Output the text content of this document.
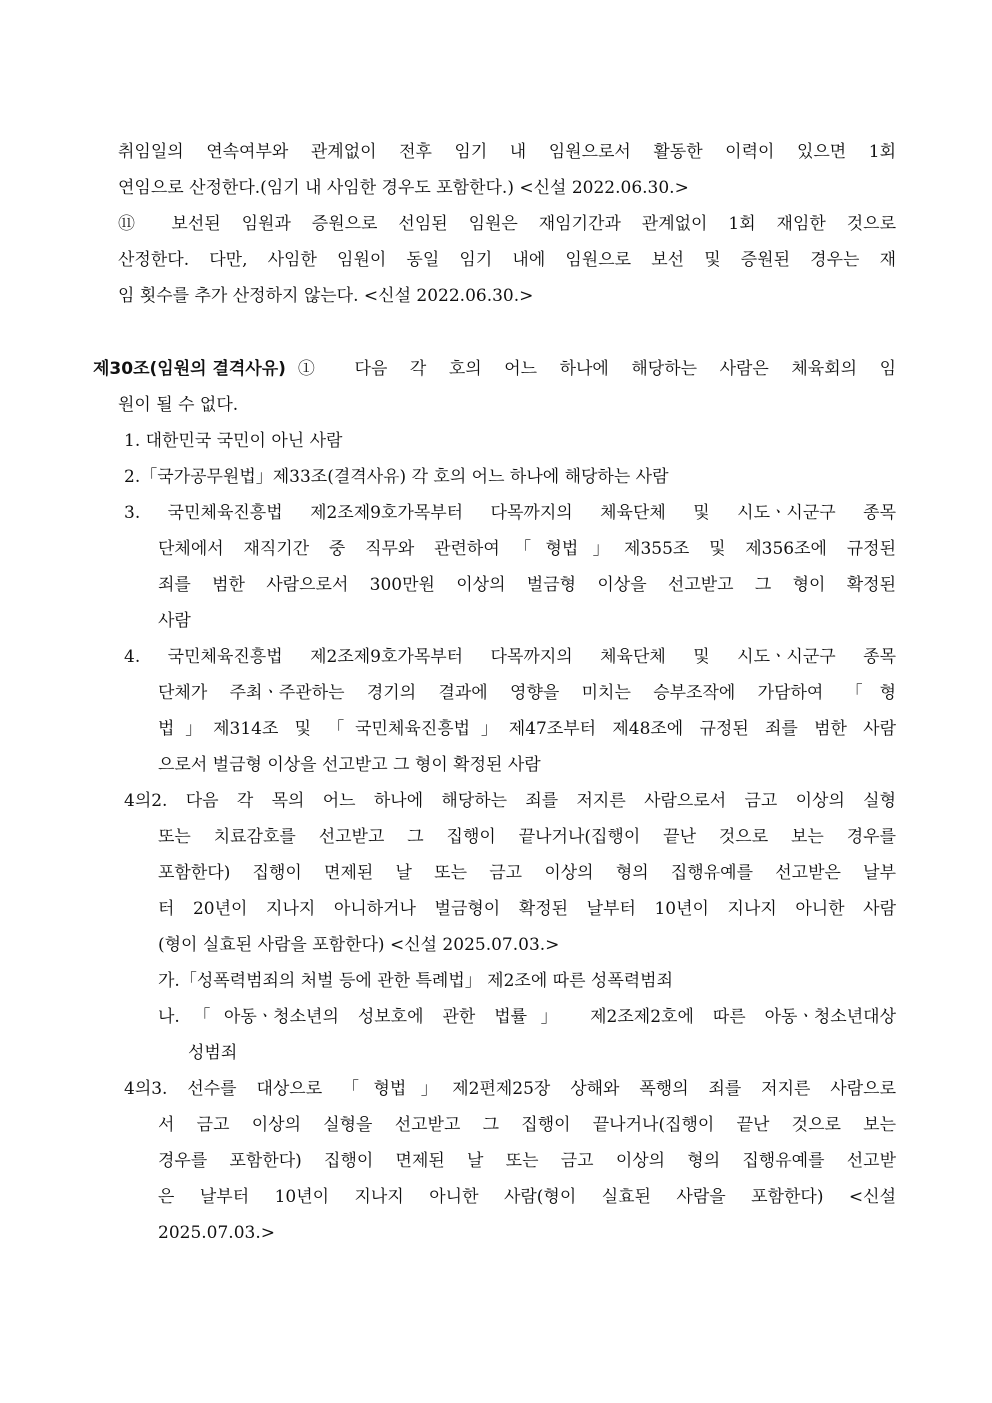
취임일의 연속여부와 관계없이 전후 임기 내 임원으로서 활동한 이력이 있으면 1회
연임으로 산정한다.(임기 내 사임한 경우도 포함한다.) <신설 2022.06.30.>
⑪ 보선된 임원과 증원으로 선임된 임원은 재임기간과 관계없이 1회 재임한 것으로
산정한다. 다만, 사임한 임원이 동일 임기 내에 임원으로 보선 및 증원된 경우는 재
임 횟수를 추가 산정하지 않는다. <신설 2022.06.30.>
제30조(임원의 결격사유) ① 다음 각 호의 어느 하나에 해당하는 사람은 체육회의 임
원이 될 수 없다.
1. 대한민국 국민이 아닌 사람
2.「국가공무원법」제33조(결격사유) 각 호의 어느 하나에 해당하는 사람
3. 국민체육진흥법 제2조제9호가목부터 다목까지의 체육단체 및 시도ㆍ시군구 종목
단체에서 재직기간 중 직무와 관련하여「형법」제355조 및 제356조에 규정된
죄를 범한 사람으로서 300만원 이상의 벌금형 이상을 선고받고 그 형이 확정된
사람
4. 국민체육진흥법 제2조제9호가목부터 다목까지의 체육단체 및 시도ㆍ시군구 종목
단체가 주최ㆍ주관하는 경기의 결과에 영향을 미치는 승부조작에 가담하여 「형
법」제314조 및 「국민체육진흥법」제47조부터 제48조에 규정된 죄를 범한 사람
으로서 벌금형 이상을 선고받고 그 형이 확정된 사람
4의2. 다음 각 목의 어느 하나에 해당하는 죄를 저지른 사람으로서 금고 이상의 실형
또는 치료감호를 선고받고 그 집행이 끝나거나(집행이 끝난 것으로 보는 경우를
포함한다) 집행이 면제된 날 또는 금고 이상의 형의 집행유예를 선고받은 날부
터 20년이 지나지 아니하거나 벌금형이 확정된 날부터 10년이 지나지 아니한 사람
(형이 실효된 사람을 포함한다) <신설 2025.07.03.>
가.「성폭력범죄의 처벌 등에 관한 특례법」 제2조에 따른 성폭력범죄
나.「아동ㆍ청소년의 성보호에 관한 법률」 제2조제2호에 따른 아동ㆍ청소년대상
성범죄
4의3. 선수를 대상으로 「형법」제2편제25장 상해와 폭행의 죄를 저지른 사람으로
서 금고 이상의 실형을 선고받고 그 집행이 끝나거나(집행이 끝난 것으로 보는
경우를 포함한다) 집행이 면제된 날 또는 금고 이상의 형의 집행유예를 선고받
은 날부터 10년이 지나지 아니한 사람(형이 실효된 사람을 포함한다) <신설
2025.07.03.>
